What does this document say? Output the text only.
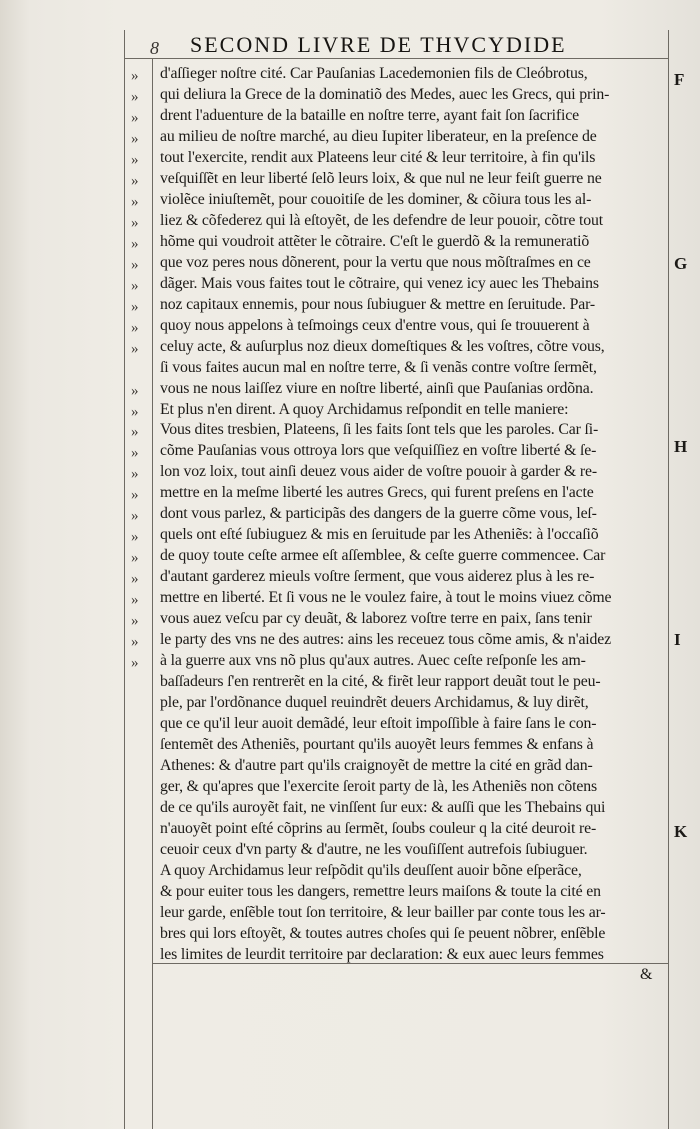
8 SECOND LIVRE DE THVCYDIDE
»
»
»
»
»
»
»
»
»
»
»
»
»
»
»
»
»
»
»
»
»
»
»
»
»
»
»
»
d'aſſieger noſtre cité. Car Pauſanias Lacedemonien fils de Cleóbrotus,
qui deliura la Grece de la dominatiõ des Medes, auec les Grecs, qui prin-
drent l'aduenture de la bataille en noſtre terre, ayant fait ſon ſacrifice
au milieu de noſtre marché, au dieu Iupiter liberateur, en la preſence de
tout l'exercite, rendit aux Plateens leur cité & leur territoire, à fin qu'ils
veſquiſſẽt en leur liberté ſelõ leurs loix, & que nul ne leur feiſt guerre ne
violẽce iniuſtemẽt, pour couoitiſe de les dominer, & cõiura tous les al-
liez & cõfederez qui là eſtoyẽt, de les defendre de leur pouoir, cõtre tout
hõme qui voudroit attẽter le cõtraire. C'eſt le guerdõ & la remuneratiõ
que voz peres nous dõnerent, pour la vertu que nous mõſtraſmes en ce
dãger. Mais vous faites tout le cõtraire, qui venez icy auec les Thebains
noz capitaux ennemis, pour nous ſubiuguer & mettre en ſeruitude. Par-
quoy nous appelons à teſmoings ceux d'entre vous, qui ſe trouuerent à
celuy acte, & auſurplus noz dieux domeſtiques & les voſtres, cõtre vous,
ſi vous faites aucun mal en noſtre terre, & ſi venãs contre voſtre ſermẽt,
vous ne nous laiſſez viure en noſtre liberté, ainſi que Pauſanias ordõna.
Et plus n'en dirent. A quoy Archidamus reſpondit en telle maniere:
Vous dites tresbien, Plateens, ſi les faits ſont tels que les paroles. Car ſi-
cõme Pauſanias vous ottroya lors que veſquiſſiez en voſtre liberté & ſe-
lon voz loix, tout ainſi deuez vous aider de voſtre pouoir à garder & re-
mettre en la meſme liberté les autres Grecs, qui furent preſens en l'acte
dont vous parlez, & participãs des dangers de la guerre cõme vous, leſ-
quels ont eſté ſubiuguez & mis en ſeruitude par les Atheniẽs: à l'occaſiõ
de quoy toute ceſte armee eſt aſſemblee, & ceſte guerre commencee. Car
d'autant garderez mieuls voſtre ſerment, que vous aiderez plus à les re-
mettre en liberté. Et ſi vous ne le voulez faire, à tout le moins viuez cõme
vous auez veſcu par cy deuãt, & laborez voſtre terre en paix, ſans tenir
le party des vns ne des autres: ains les receuez tous cõme amis, & n'aidez
à la guerre aux vns nõ plus qu'aux autres. Auec ceſte reſponſe les am-
baſſadeurs ſ'en rentrerẽt en la cité, & firẽt leur rapport deuãt tout le peu-
ple, par l'ordõnance duquel reuindrẽt deuers Archidamus, & luy dirẽt,
que ce qu'il leur auoit demãdé, leur eſtoit impoſſible à faire ſans le con-
ſentemẽt des Atheniẽs, pourtant qu'ils auoyẽt leurs femmes & enfans à
Athenes: & d'autre part qu'ils craignoyẽt de mettre la cité en grãd dan-
ger, & qu'apres que l'exercite ſeroit party de là, les Atheniẽs non cõtens
de ce qu'ils auroyẽt fait, ne vinſſent ſur eux: & auſſi que les Thebains qui
n'auoyẽt point eſté cõprins au ſermẽt, ſoubs couleur q la cité deuroit re-
ceuoir ceux d'vn party & d'autre, ne les vouſiſſent autrefois ſubiuguer.
A quoy Archidamus leur reſpõdit qu'ils deuſſent auoir bõne eſperãce,
& pour euiter tous les dangers, remettre leurs maiſons & toute la cité en
leur garde, enſẽble tout ſon territoire, & leur bailler par conte tous les ar-
bres qui lors eſtoyẽt, & toutes autres choſes qui ſe peuent nõbrer, enſẽble
les limites de leurdit territoire par declaration: & eux auec leurs femmes
F
G
H
I
K
&
